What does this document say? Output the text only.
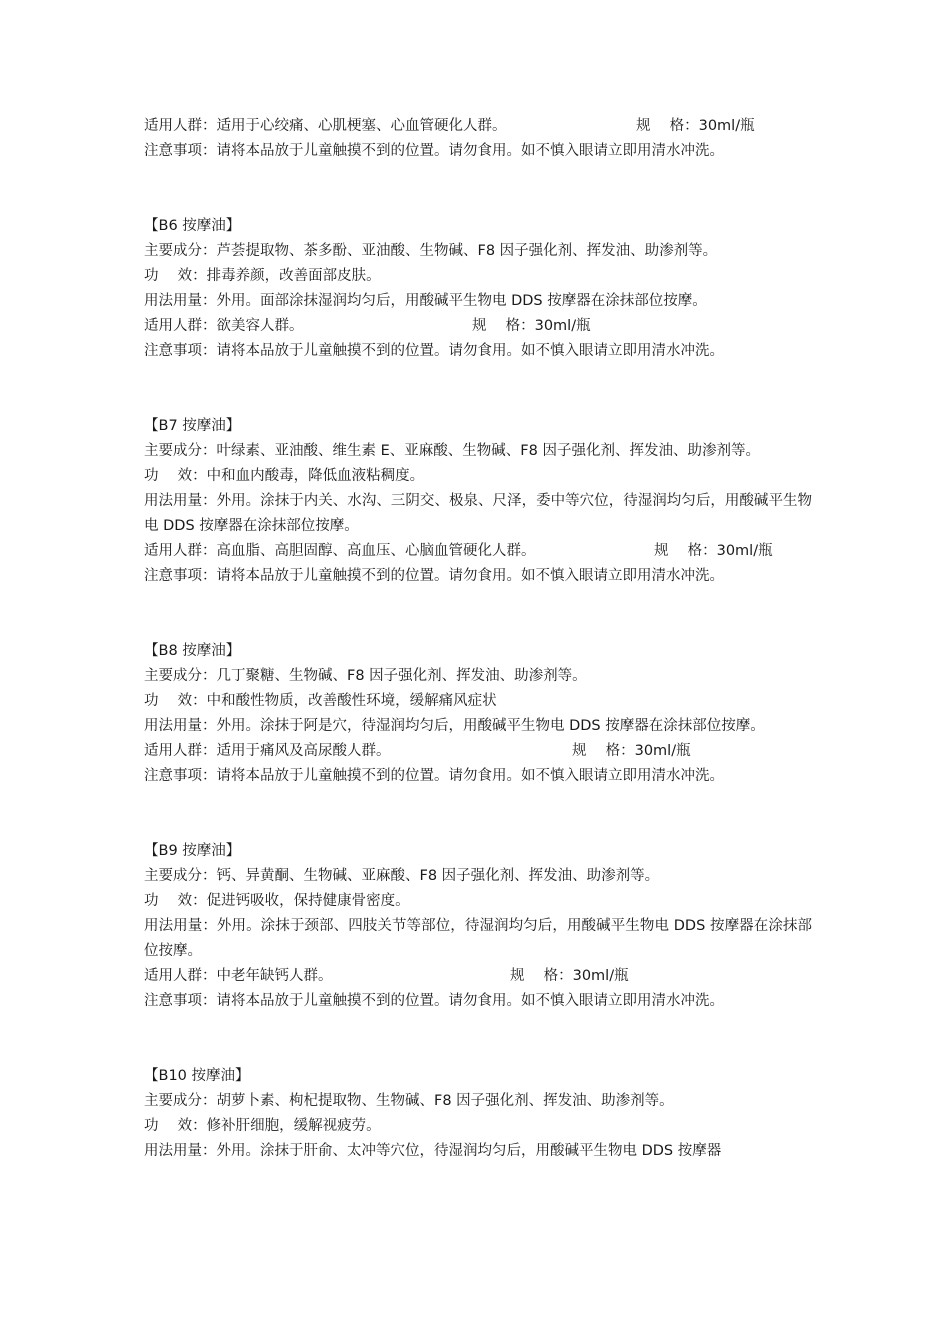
适用人群：适用于心绞痛、心肌梗塞、心血管硬化人群。	规　 格：30ml/瓶

注意事项：请将本品放于儿童触摸不到的位置。请勿食用。如不慎入眼请立即用清水冲洗。

【B6 按摩油】

主要成分：芦荟提取物、茶多酚、亚油酸、生物碱、F8 因子强化剂、挥发油、助渗剂等。

功　 效：排毒养颜，改善面部皮肤。

用法用量：外用。面部涂抹湿润均匀后，用酸碱平生物电 DDS 按摩器在涂抹部位按摩。

适用人群：欲美容人群。	规　 格：30ml/瓶

注意事项：请将本品放于儿童触摸不到的位置。请勿食用。如不慎入眼请立即用清水冲洗。

【B7 按摩油】

主要成分：叶绿素、亚油酸、维生素 E、亚麻酸、生物碱、F8 因子强化剂、挥发油、助渗剂等。

功　 效：中和血内酸毒，降低血液粘稠度。

用法用量：外用。涂抹于内关、水沟、三阴交、极泉、尺泽，委中等穴位，待湿润均匀后，用酸碱平生物电 DDS 按摩器在涂抹部位按摩。

适用人群：高血脂、高胆固醇、高血压、心脑血管硬化人群。	规　 格：30ml/瓶

注意事项：请将本品放于儿童触摸不到的位置。请勿食用。如不慎入眼请立即用清水冲洗。

【B8 按摩油】

主要成分：几丁聚糖、生物碱、F8 因子强化剂、挥发油、助渗剂等。

功　 效：中和酸性物质，改善酸性环境，缓解痛风症状

用法用量：外用。涂抹于阿是穴，待湿润均匀后，用酸碱平生物电 DDS 按摩器在涂抹部位按摩。

适用人群：适用于痛风及高尿酸人群。	规　 格：30ml/瓶

注意事项：请将本品放于儿童触摸不到的位置。请勿食用。如不慎入眼请立即用清水冲洗。

【B9 按摩油】

主要成分：钙、异黄酮、生物碱、亚麻酸、F8 因子强化剂、挥发油、助渗剂等。

功　 效：促进钙吸收，保持健康骨密度。

用法用量：外用。涂抹于颈部、四肢关节等部位，待湿润均匀后，用酸碱平生物电 DDS 按摩器在涂抹部位按摩。

适用人群：中老年缺钙人群。	规　 格：30ml/瓶

注意事项：请将本品放于儿童触摸不到的位置。请勿食用。如不慎入眼请立即用清水冲洗。

【B10 按摩油】

主要成分：胡萝卜素、枸杞提取物、生物碱、F8 因子强化剂、挥发油、助渗剂等。

功　 效：修补肝细胞，缓解视疲劳。

用法用量：外用。涂抹于肝俞、太冲等穴位，待湿润均匀后，用酸碱平生物电 DDS 按摩器
